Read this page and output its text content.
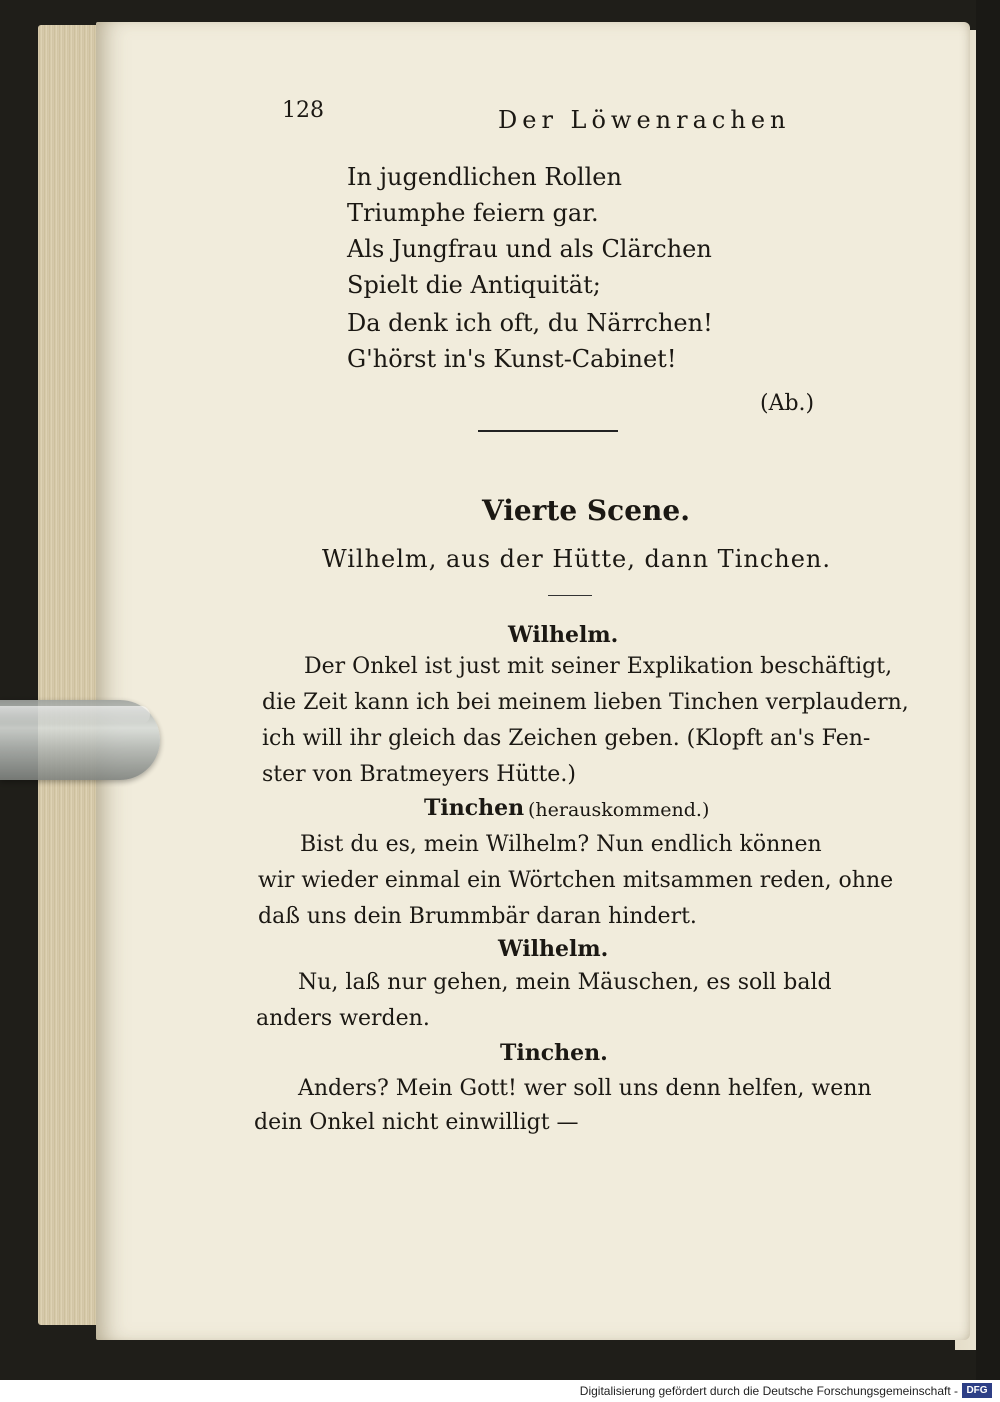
128	Der Löwenrachen
In jugendlichen Rollen
Triumphe feiern gar.
Als Jungfrau und als Clärchen
Spielt die Antiquität;
Da denk ich oft, du Närrchen!
G'hörst in's Kunst-Cabinet!
(Ab.)
Vierte Scene.
Wilhelm, aus der Hütte, dann Tinchen.
Wilhelm.
Der Onkel ist just mit seiner Explikation beschäftigt,
die Zeit kann ich bei meinem lieben Tinchen verplaudern,
ich will ihr gleich das Zeichen geben. (Klopft an's Fen-
ster von Bratmeyers Hütte.)
Tinchen (herauskommend.)
Bist du es, mein Wilhelm? Nun endlich können
wir wieder einmal ein Wörtchen mitsammen reden, ohne
daß uns dein Brummbär daran hindert.
Wilhelm.
Nu, laß nur gehen, mein Mäuschen, es soll bald
anders werden.
Tinchen.
Anders? Mein Gott! wer soll uns denn helfen, wenn
dein Onkel nicht einwilligt —
Digitalisierung gefördert durch die Deutsche Forschungsgemeinschaft - DFG
